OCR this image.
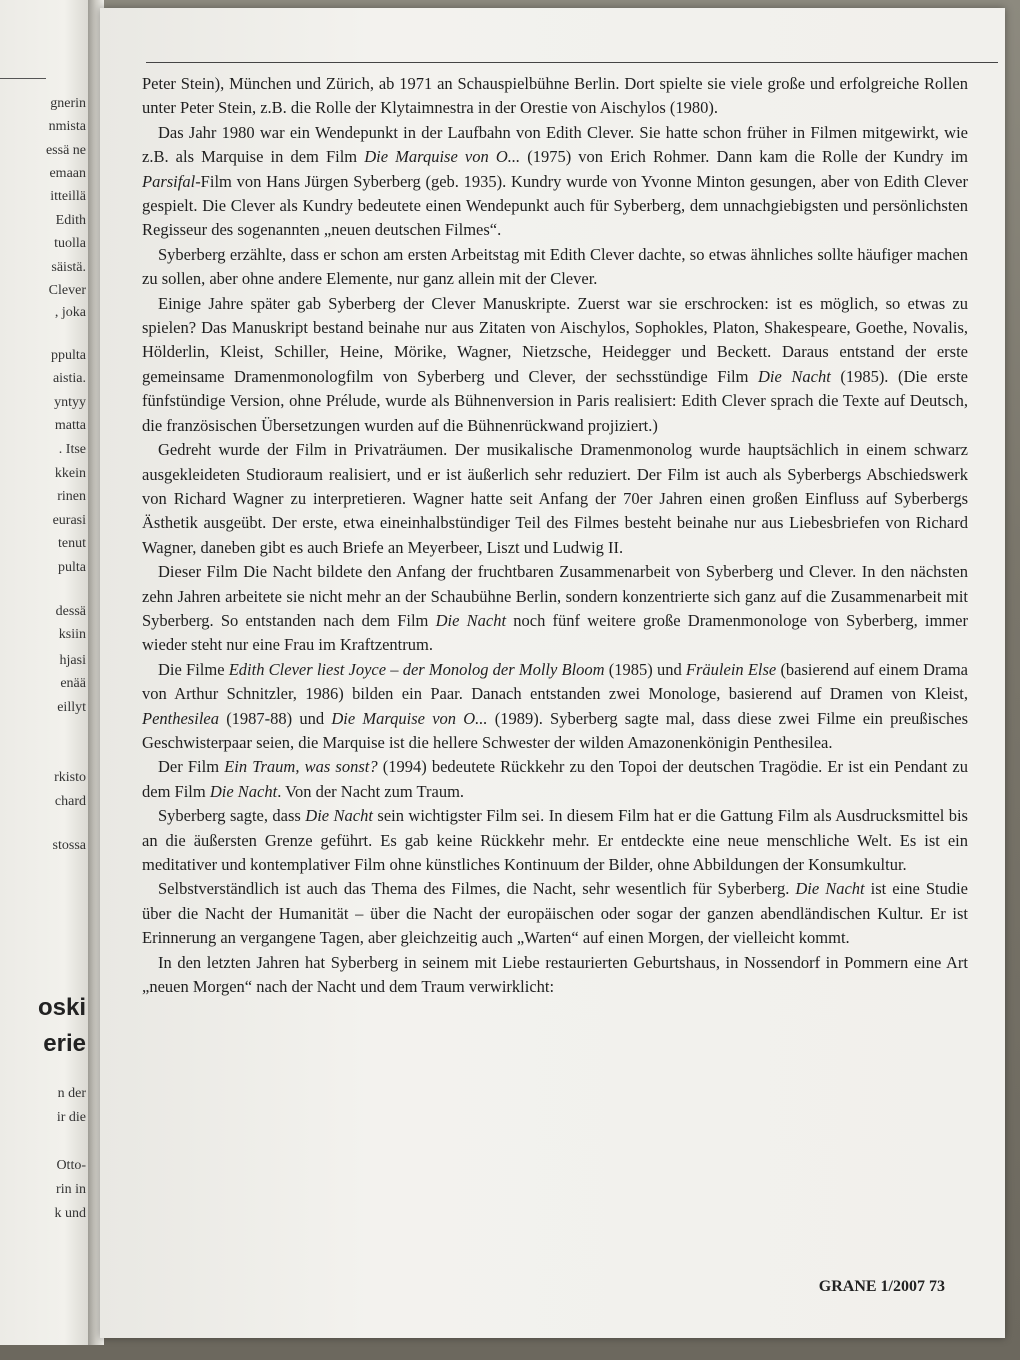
gnerin
nmista
essä ne
emaan
itteillä
Edith
tuolla
säistä.
Clever
, joka
ppulta
aistia.
yntyy
matta
. Itse
kkein
rinen
eurasi
tenut
pulta
dessä
ksiin
hjasi
enää
eillyt
rkisto
chard
stossa
oski
erie
n der
ir die
Otto-
rin in
k und

Peter Stein), München und Zürich, ab 1971 an Schauspielbühne Berlin. Dort spielte sie viele große und erfolgreiche Rollen unter Peter Stein, z.B. die Rolle der Klytaimnestra in der Orestie von Aischylos (1980).

Das Jahr 1980 war ein Wendepunkt in der Laufbahn von Edith Clever. Sie hatte schon früher in Filmen mitgewirkt, wie z.B. als Marquise in dem Film Die Marquise von O... (1975) von Erich Rohmer. Dann kam die Rolle der Kundry im Parsifal-Film von Hans Jürgen Syberberg (geb. 1935). Kundry wurde von Yvonne Minton gesungen, aber von Edith Clever gespielt. Die Clever als Kundry bedeutete einen Wendepunkt auch für Syberberg, dem unnachgiebigsten und persönlichsten Regisseur des sogenannten „neuen deutschen Filmes“.

Syberberg erzählte, dass er schon am ersten Arbeitstag mit Edith Clever dachte, so etwas ähnliches sollte häufiger machen zu sollen, aber ohne andere Elemente, nur ganz allein mit der Clever.

Einige Jahre später gab Syberberg der Clever Manuskripte. Zuerst war sie erschrocken: ist es möglich, so etwas zu spielen? Das Manuskript bestand beinahe nur aus Zitaten von Aischylos, Sophokles, Platon, Shakespeare, Goethe, Novalis, Hölderlin, Kleist, Schiller, Heine, Mörike, Wagner, Nietzsche, Heidegger und Beckett. Daraus entstand der erste gemeinsame Dramenmonologfilm von Syberberg und Clever, der sechsstündige Film Die Nacht (1985). (Die erste fünfstündige Version, ohne Prélude, wurde als Bühnenversion in Paris realisiert: Edith Clever sprach die Texte auf Deutsch, die französischen Übersetzungen wurden auf die Bühnenrückwand projiziert.)

Gedreht wurde der Film in Privaträumen. Der musikalische Dramenmonolog wurde hauptsächlich in einem schwarz ausgekleideten Studioraum realisiert, und er ist äußerlich sehr reduziert. Der Film ist auch als Syberbergs Abschiedswerk von Richard Wagner zu interpretieren. Wagner hatte seit Anfang der 70er Jahren einen großen Einfluss auf Syberbergs Ästhetik ausgeübt. Der erste, etwa eineinhalbstündiger Teil des Filmes besteht beinahe nur aus Liebesbriefen von Richard Wagner, daneben gibt es auch Briefe an Meyerbeer, Liszt und Ludwig II.

Dieser Film Die Nacht bildete den Anfang der fruchtbaren Zusammenarbeit von Syberberg und Clever. In den nächsten zehn Jahren arbeitete sie nicht mehr an der Schaubühne Berlin, sondern konzentrierte sich ganz auf die Zusammenarbeit mit Syberberg. So entstanden nach dem Film Die Nacht noch fünf weitere große Dramenmonologe von Syberberg, immer wieder steht nur eine Frau im Kraftzentrum.

Die Filme Edith Clever liest Joyce – der Monolog der Molly Bloom (1985) und Fräulein Else (basierend auf einem Drama von Arthur Schnitzler, 1986) bilden ein Paar. Danach entstanden zwei Monologe, basierend auf Dramen von Kleist, Penthesilea (1987-88) und Die Marquise von O... (1989). Syberberg sagte mal, dass diese zwei Filme ein preußisches Geschwisterpaar seien, die Marquise ist die hellere Schwester der wilden Amazonenkönigin Penthesilea.

Der Film Ein Traum, was sonst? (1994) bedeutete Rückkehr zu den Topoi der deutschen Tragödie. Er ist ein Pendant zu dem Film Die Nacht. Von der Nacht zum Traum.

Syberberg sagte, dass Die Nacht sein wichtigster Film sei. In diesem Film hat er die Gattung Film als Ausdrucksmittel bis an die äußersten Grenze geführt. Es gab keine Rückkehr mehr. Er entdeckte eine neue menschliche Welt. Es ist ein meditativer und kontemplativer Film ohne künstliches Kontinuum der Bilder, ohne Abbildungen der Konsumkultur.

Selbstverständlich ist auch das Thema des Filmes, die Nacht, sehr wesentlich für Syberberg. Die Nacht ist eine Studie über die Nacht der Humanität – über die Nacht der europäischen oder sogar der ganzen abendländischen Kultur. Er ist Erinnerung an vergangene Tagen, aber gleichzeitig auch „Warten“ auf einen Morgen, der vielleicht kommt.

In den letzten Jahren hat Syberberg in seinem mit Liebe restaurierten Geburtshaus, in Nossendorf in Pommern eine Art „neuen Morgen“ nach der Nacht und dem Traum verwirklicht:

GRANE 1/2007 73
